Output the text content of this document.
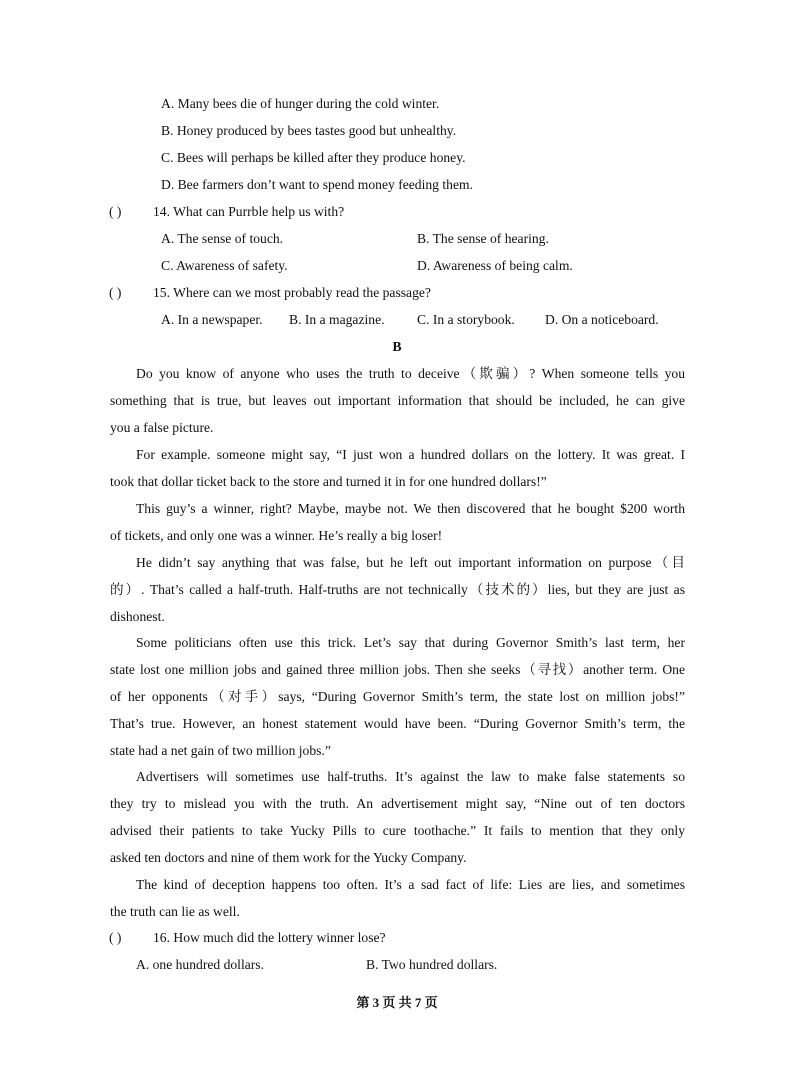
A. Many bees die of hunger during the cold winter.
B. Honey produced by bees tastes good but unhealthy.
C. Bees will perhaps be killed after they produce honey.
D. Bee farmers don’t want to spend money feeding them.
( ) 14. What can Purrble help us with?
A. The sense of touch.	B. The sense of hearing.
C. Awareness of safety.	D. Awareness of being calm.
( ) 15. Where can we most probably read the passage?
A. In a newspaper. B. In a magazine. C. In a storybook. D. On a noticeboard.
B
Do you know of anyone who uses the truth to deceive（欺骗）? When someone tells you
something that is true, but leaves out important information that should be included, he can give
you a false picture.
For example. someone might say, “I just won a hundred dollars on the lottery. It was great. I
took that dollar ticket back to the store and turned it in for one hundred dollars!”
This guy’s a winner, right? Maybe, maybe not. We then discovered that he bought $200 worth
of tickets, and only one was a winner. He’s really a big loser!
He didn’t say anything that was false, but he left out important information on purpose（目
的）. That’s called a half-truth. Half-truths are not technically（技术的）lies, but they are just as
dishonest.
Some politicians often use this trick. Let’s say that during Governor Smith’s last term, her
state lost one million jobs and gained three million jobs. Then she seeks（寻找）another term. One
of her opponents（对手）says, “During Governor Smith’s term, the state lost on million jobs!”
That’s true. However, an honest statement would have been. “During Governor Smith’s term, the
state had a net gain of two million jobs.”
Advertisers will sometimes use half-truths. It’s against the law to make false statements so
they try to mislead you with the truth. An advertisement might say, “Nine out of ten doctors
advised their patients to take Yucky Pills to cure toothache.” It fails to mention that they only
asked ten doctors and nine of them work for the Yucky Company.
The kind of deception happens too often. It’s a sad fact of life: Lies are lies, and sometimes
the truth can lie as well.
( ) 16. How much did the lottery winner lose?
A. one hundred dollars.	B. Two hundred dollars.
第 3 页 共 7 页
